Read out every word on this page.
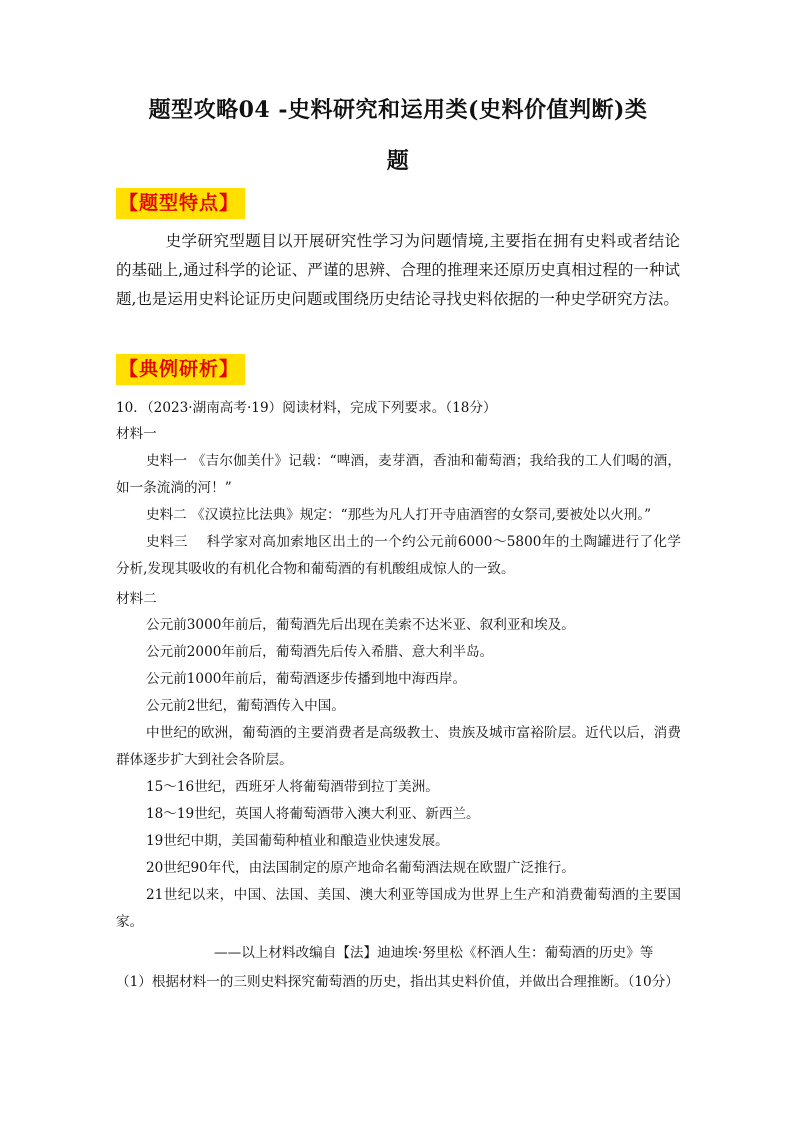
题型攻略04 -史料研究和运用类(史料价值判断)类
题
【题型特点】
史学研究型题目以开展研究性学习为问题情境,主要指在拥有史料或者结论的基础上,通过科学的论证、严谨的思辨、合理的推理来还原历史真相过程的一种试题,也是运用史料论证历史问题或围绕历史结论寻找史料依据的一种史学研究方法。
【典例研析】
10．（2023·湖南高考·19）阅读材料，完成下列要求。（18分）
材料一
史料一 《吉尔伽美什》记载：“啤酒，麦芽酒，香油和葡萄酒；我给我的工人们喝的酒，如一条流淌的河！”
史料二 《汉谟拉比法典》规定：“那些为凡人打开寺庙酒窖的女祭司,要被处以火刑。”
史料三　 科学家对高加索地区出土的一个约公元前6000～5800年的土陶罐进行了化学分析,发现其吸收的有机化合物和葡萄酒的有机酸组成惊人的一致。
材料二
公元前3000年前后，葡萄酒先后出现在美索不达米亚、叙利亚和埃及。
公元前2000年前后，葡萄酒先后传入希腊、意大利半岛。
公元前1000年前后，葡萄酒逐步传播到地中海西岸。
公元前2世纪，葡萄酒传入中国。
中世纪的欧洲，葡萄酒的主要消费者是高级教士、贵族及城市富裕阶层。近代以后，消费群体逐步扩大到社会各阶层。
15～16世纪，西班牙人将葡萄酒带到拉丁美洲。
18～19世纪，英国人将葡萄酒带入澳大利亚、新西兰。
19世纪中期，美国葡萄种植业和酿造业快速发展。
20世纪90年代，由法国制定的原产地命名葡萄酒法规在欧盟广泛推行。
21世纪以来，中国、法国、美国、澳大利亚等国成为世界上生产和消费葡萄酒的主要国家。
——以上材料改编自【法】迪迪埃·努里松《杯酒人生：葡萄酒的历史》等
（1）根据材料一的三则史料探究葡萄酒的历史，指出其史料价值，并做出合理推断。（10分）
